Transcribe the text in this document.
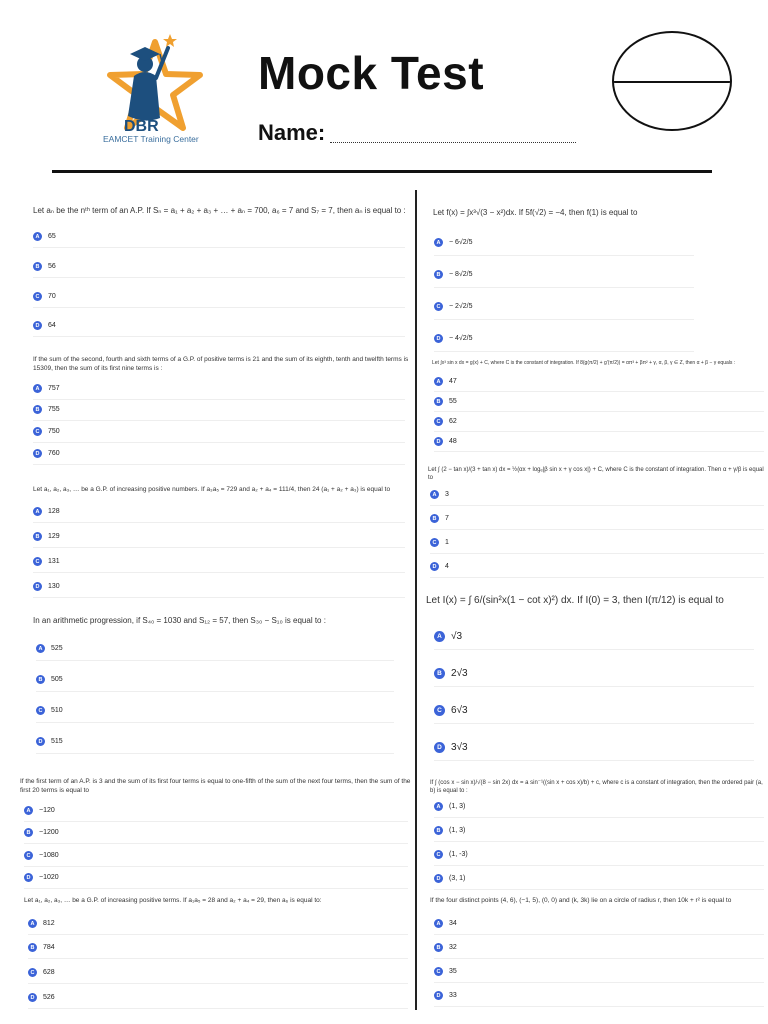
DBR
EAMCET Training Center
Mock Test
Name:
Let aₙ be the nᵗʰ term of an A.P. If Sₙ = a₁ + a₂ + a₃ + … + aₙ = 700, a₆ = 7 and S₇ = 7, then aₙ is equal to :
A	65
B	56
C	70
D	64
If the sum of the second, fourth and sixth terms of a G.P. of positive terms is 21 and the sum of its eighth, tenth and twelfth terms is 15309, then the sum of its first nine terms is :
A	757
B	755
C	750
D	760
Let a₁, a₂, a₃, … be a G.P. of increasing positive numbers. If a₃a₅ = 729 and a₂ + a₄ = 111/4, then 24 (a₁ + a₂ + a₃) is equal to
A	128
B	129
C	131
D	130
In an arithmetic progression, if S₄₀ = 1030 and S₁₂ = 57, then S₃₀ − S₁₀ is equal to :
A	525
B	505
C	510
D	515
If the first term of an A.P. is 3 and the sum of its first four terms is equal to one-fifth of the sum of the next four terms, then the sum of the first 20 terms is equal to
A	−120
B	−1200
C	−1080
D	−1020
Let a₁, a₂, a₃, … be a G.P. of increasing positive terms. If a₁a₅ = 28 and a₂ + a₄ = 29, then a₆ is equal to:
A	812
B	784
C	628
D	526
Let f(x) = ∫x³√(3 − x²)dx. If 5f(√2) = −4, then f(1) is equal to
A	− 6√2/5
B	− 8√2/5
C	− 2√2/5
D	− 4√2/5
Let ∫x³ sin x dx = g(x) + C, where C is the constant of integration. If 8(g(π/2) + g′(π/2)) = απ³ + βπ² + γ, α, β, γ ∈ Z, then α + β − γ equals :
A	47
B	55
C	62
D	48
Let ∫ (2 − tan x)/(3 + tan x) dx = ½(αx + logₑ|β sin x + γ cos x|) + C, where C is the constant of integration. Then α + γ/β is equal to
A	3
B	7
C	1
D	4
Let I(x) = ∫ 6/(sin²x(1 − cot x)²) dx. If I(0) = 3, then I(π/12) is equal to
A √3
B 2√3
C 6√3
D 3√3
If ∫ (cos x − sin x)/√(8 − sin 2x) dx = a sin⁻¹((sin x + cos x)/b) + c, where c is a constant of integration, then the ordered pair (a, b) is equal to :
A	(1, 3)
B	(1, 3)
C	(1, -3)
D	(3, 1)
If the four distinct points (4, 6), (−1, 5), (0, 0) and (k, 3k) lie on a circle of radius r, then 10k + r² is equal to
A	34
B	32
C	35
D	33
